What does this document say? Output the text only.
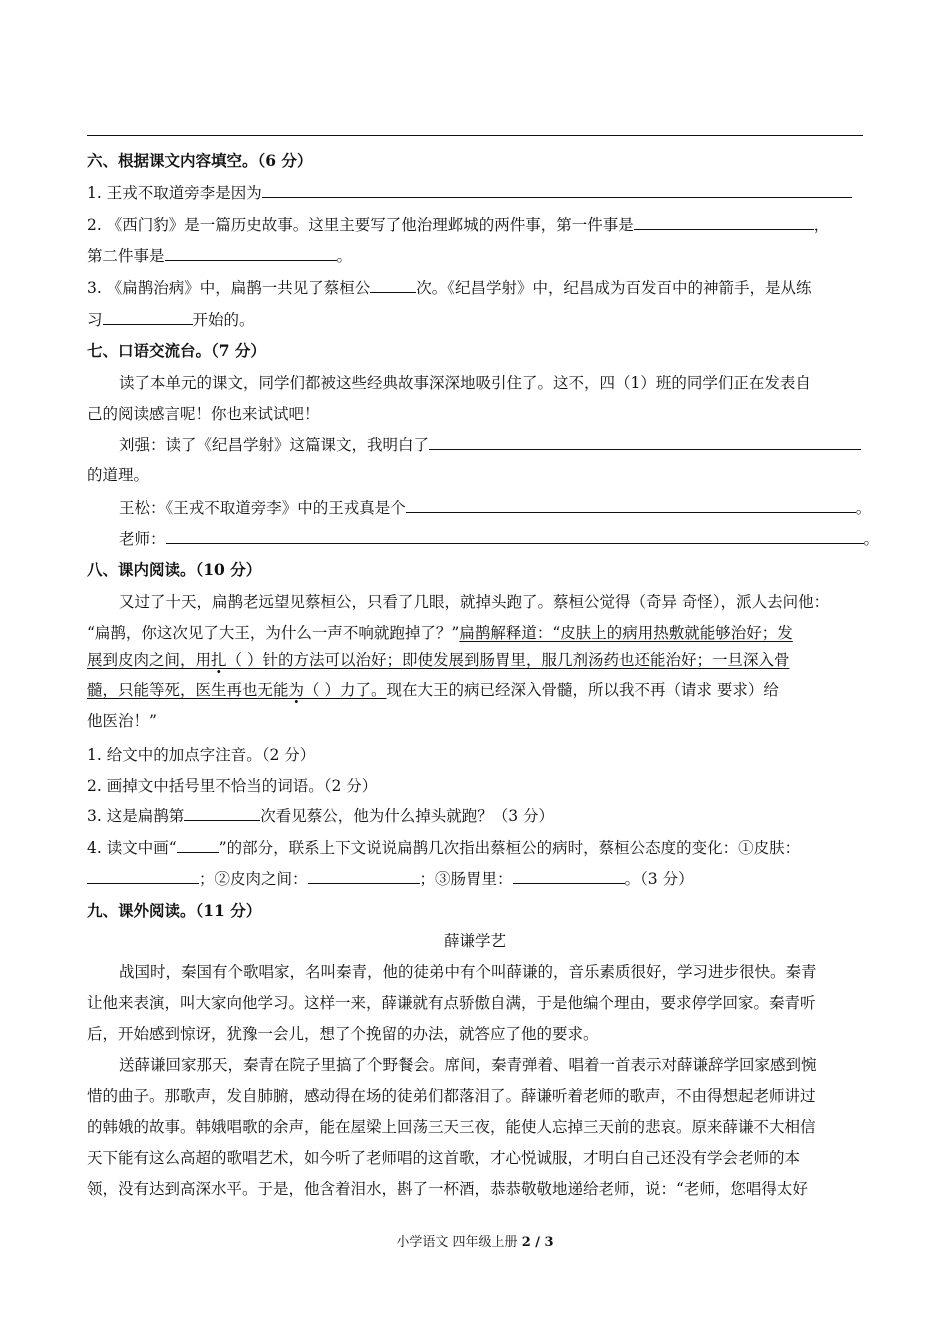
六、根据课文内容填空。（6 分）
1. 王戎不取道旁李是因为
2. 《西门豹》是一篇历史故事。这里主要写了他治理邺城的两件事，第一件事是	，
第二件事是	。
3. 《扁鹊治病》中，扁鹊一共见了蔡桓公	次。《纪昌学射》中，纪昌成为百发百中的神箭手，是从练
习	开始的。
七、口语交流台。（7 分）
读了本单元的课文，同学们都被这些经典故事深深地吸引住了。这不，四（1）班的同学们正在发表自
己的阅读感言呢！你也来试试吧！
刘强：读了《纪昌学射》这篇课文，我明白了
的道理。
王松：《王戎不取道旁李》中的王戎真是个	。
老师：	。
八、课内阅读。（10 分）
又过了十天，扁鹊老远望见蔡桓公，只看了几眼，就掉头跑了。蔡桓公觉得（奇异 奇怪），派人去问他：
“扁鹊，你这次见了大王，为什么一声不响就跑掉了？”扁鹊解释道：“皮肤上的病用热敷就能够治好；发
展到皮肉之间，用扎（ ）针的方法可以治好；即使发展到肠胃里，服几剂汤药也还能治好；一旦深入骨
髓，只能等死，医生再也无能为（ ）力了。现在大王的病已经深入骨髓，所以我不再（请求 要求）给
他医治！”
1. 给文中的加点字注音。（2 分）
2. 画掉文中括号里不恰当的词语。（2 分）
3. 这是扁鹊第	次看见蔡公，他为什么掉头就跑？（3 分）
4. 读文中画“	”的部分，联系上下文说说扁鹊几次指出蔡桓公的病时，蔡桓公态度的变化：①皮肤：
；②皮肉之间：	；③肠胃里：	。（3 分）
九、课外阅读。（11 分）
薛谦学艺
战国时，秦国有个歌唱家，名叫秦青，他的徒弟中有个叫薛谦的，音乐素质很好，学习进步很快。秦青
让他来表演，叫大家向他学习。这样一来，薛谦就有点骄傲自满，于是他编个理由，要求停学回家。秦青听
后，开始感到惊讶，犹豫一会儿，想了个挽留的办法，就答应了他的要求。
送薛谦回家那天，秦青在院子里搞了个野餐会。席间，秦青弹着、唱着一首表示对薛谦辞学回家感到惋
惜的曲子。那歌声，发自肺腑，感动得在场的徒弟们都落泪了。薛谦听着老师的歌声，不由得想起老师讲过
的韩娥的故事。韩娥唱歌的余声，能在屋梁上回荡三天三夜，能使人忘掉三天前的悲哀。原来薛谦不大相信
天下能有这么高超的歌唱艺术，如今听了老师唱的这首歌，才心悦诚服，才明白自己还没有学会老师的本
领，没有达到高深水平。于是，他含着泪水，斟了一杯酒，恭恭敬敬地递给老师，说：“老师，您唱得太好
小学语文 四年级上册 2 / 3
